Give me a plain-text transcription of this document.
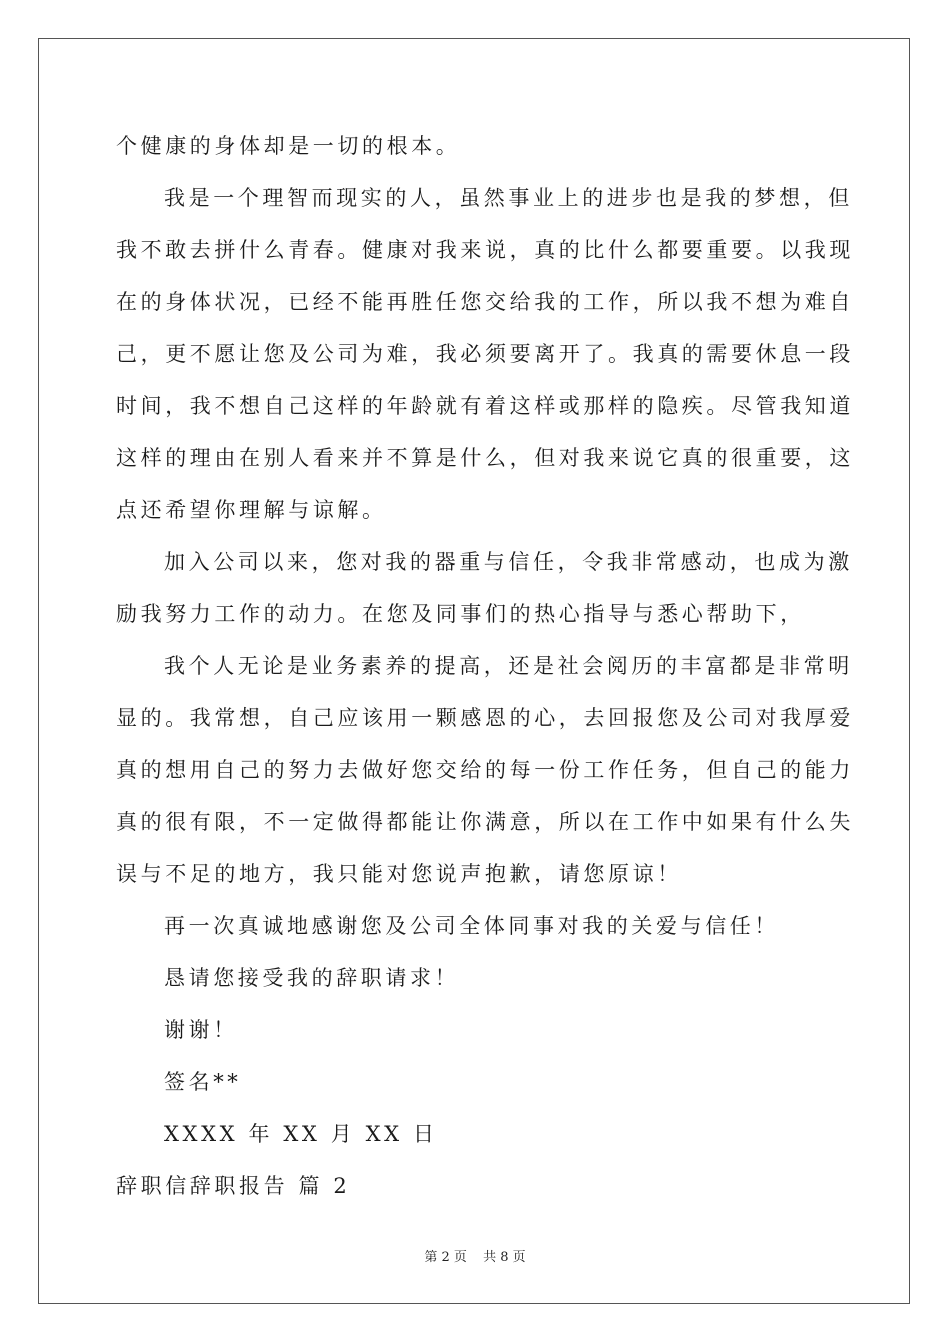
个健康的身体却是一切的根本。
我是一个理智而现实的人，虽然事业上的进步也是我的梦想，但
我不敢去拼什么青春。健康对我来说，真的比什么都要重要。以我现
在的身体状况，已经不能再胜任您交给我的工作，所以我不想为难自
己，更不愿让您及公司为难，我必须要离开了。我真的需要休息一段
时间，我不想自己这样的年龄就有着这样或那样的隐疾。尽管我知道
这样的理由在别人看来并不算是什么，但对我来说它真的很重要，这
点还希望你理解与谅解。
加入公司以来，您对我的器重与信任，令我非常感动，也成为激
励我努力工作的动力。在您及同事们的热心指导与悉心帮助下，
我个人无论是业务素养的提高，还是社会阅历的丰富都是非常明
显的。我常想，自己应该用一颗感恩的心，去回报您及公司对我厚爱
真的想用自己的努力去做好您交给的每一份工作任务，但自己的能力
真的很有限，不一定做得都能让你满意，所以在工作中如果有什么失
误与不足的地方，我只能对您说声抱歉，请您原谅！
再一次真诚地感谢您及公司全体同事对我的关爱与信任！
恳请您接受我的辞职请求！
谢谢！
签名**
XXXX 年 XX 月 XX 日
辞职信辞职报告 篇 2
第 2 页 共 8 页
